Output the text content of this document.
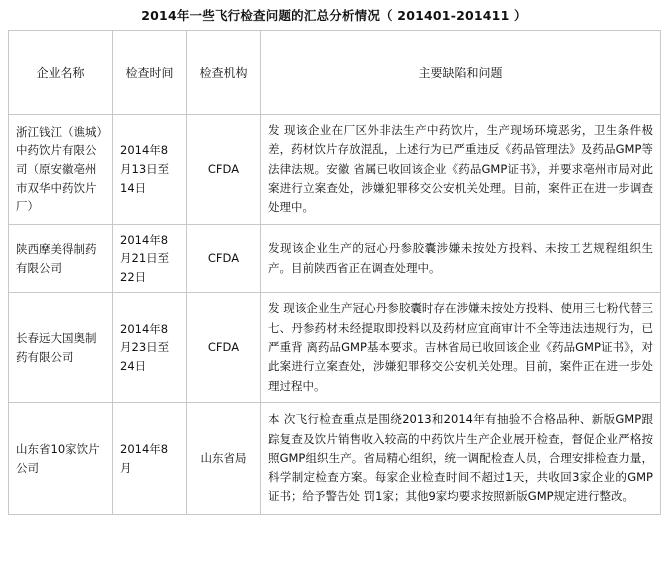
2014年一些飞行检查问题的汇总分析情况（ 201401-201411 ）
企业名称	检查时间	检查机构	主要缺陷和问题
浙江钱江（谯城）中药饮片有限公司（原安徽亳州市双华中药饮片厂）	2014年8月13日至14日	CFDA	发 现该企业在厂区外非法生产中药饮片，生产现场环境恶劣，卫生条件极差，药材饮片存放混乱，上述行为已严重违反《药品管理法》及药品GMP等法律法规。安徽 省属已收回该企业《药品GMP证书》，并要求亳州市局对此案进行立案查处，涉嫌犯罪移交公安机关处理。目前，案件正在进一步调查处理中。
陕西摩美得制药有限公司	2014年8月21日至22日	CFDA	发现该企业生产的冠心丹参胶囊涉嫌未按处方投料、未按工艺规程组织生产。目前陕西省正在调查处理中。
长春远大国奥制药有限公司	2014年8月23日至24日	CFDA	发 现该企业生产冠心丹参胶囊时存在涉嫌未按处方投料、使用三七粉代替三七、丹参药材未经提取即投料以及药材应宜商审计不全等违法违规行为，已严重背 离药品GMP基本要求。吉林省局已收回该企业《药品GMP证书》，对此案进行立案查处，涉嫌犯罪移交公安机关处理。目前，案件正在进一步处理过程中。
山东省10家饮片公司	2014年8月	山东省局	本 次飞行检查重点是围绕2013和2014年有抽验不合格品种、新版GMP跟踪复查及饮片销售收入较高的中药饮片生产企业展开检查，督促企业严格按照GMP组织生产。省局精心组织，统一调配检查人员，合理安排检查力量，科学制定检查方案。每家企业检查时间不超过1天，共收回3家企业的GMP证书；给予警告处 罚1家；其他9家均要求按照新版GMP规定进行整改。
